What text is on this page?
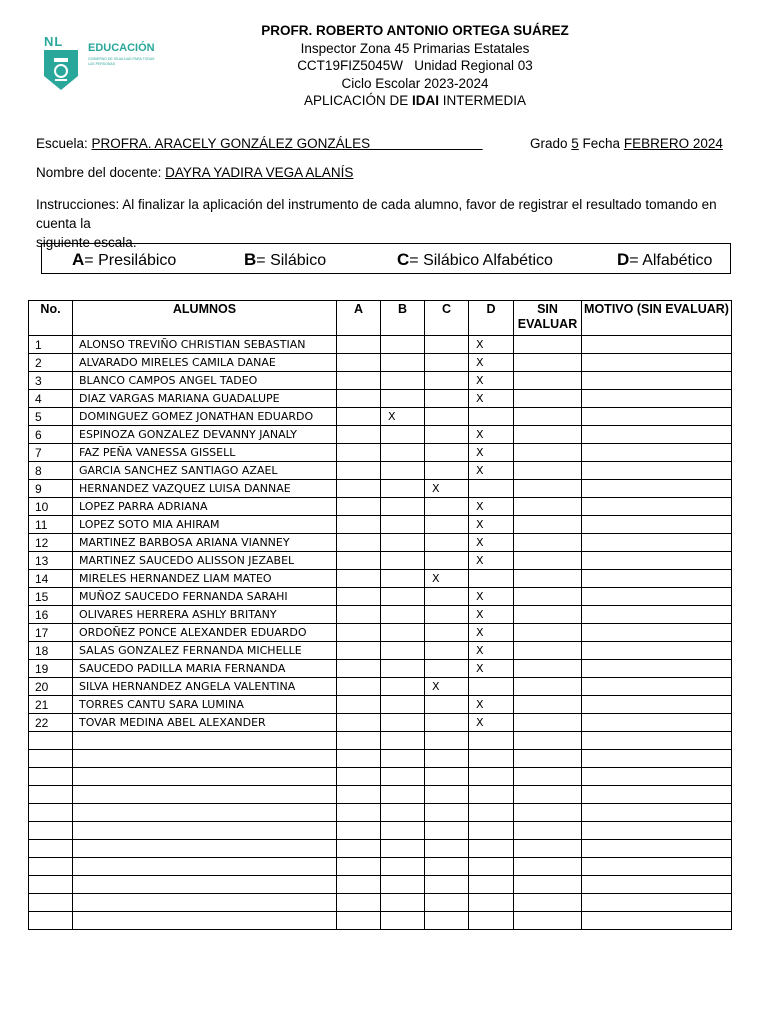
NL EDUCACIÓN
GOBIERNO DE IGUALDAD PARA TODAS LAS PERSONAS
PROFR. ROBERTO ANTONIO ORTEGA SUÁREZ
Inspector Zona 45 Primarias Estatales
CCT19FIZ5045W   Unidad Regional 03
Ciclo Escolar 2023-2024
APLICACIÓN DE IDAI INTERMEDIA
Escuela: PROFRA. ARACELY GONZÁLEZ GONZÁLES	Grado 5 Fecha FEBRERO 2024
Nombre del docente: DAYRA YADIRA VEGA ALANÍS
Instrucciones: Al finalizar la aplicación del instrumento de cada alumno, favor de registrar el resultado tomando en cuenta la
siguiente escala.
A= Presilábico	B= Silábico	C= Silábico Alfabético	D= Alfabético
No.	ALUMNOS	A	B	C	D	SIN EVALUAR	MOTIVO (SIN EVALUAR)
1	ALONSO TREVIÑO CHRISTIAN SEBASTIAN				X		
2	ALVARADO MIRELES CAMILA DANAE				X		
3	BLANCO CAMPOS ANGEL TADEO				X		
4	DIAZ VARGAS MARIANA GUADALUPE				X		
5	DOMINGUEZ GOMEZ JONATHAN EDUARDO		X				
6	ESPINOZA GONZALEZ DEVANNY JANALY				X		
7	FAZ PEÑA VANESSA GISSELL				X		
8	GARCIA SANCHEZ SANTIAGO AZAEL				X		
9	HERNANDEZ VAZQUEZ LUISA DANNAE			X			
10	LOPEZ PARRA ADRIANA				X		
11	LOPEZ SOTO MIA AHIRAM				X		
12	MARTINEZ BARBOSA ARIANA VIANNEY				X		
13	MARTINEZ SAUCEDO ALISSON JEZABEL				X		
14	MIRELES HERNANDEZ LIAM MATEO			X			
15	MUÑOZ SAUCEDO FERNANDA SARAHI				X		
16	OLIVARES HERRERA ASHLY BRITANY				X		
17	ORDOÑEZ PONCE ALEXANDER EDUARDO				X		
18	SALAS GONZALEZ FERNANDA MICHELLE				X		
19	SAUCEDO PADILLA MARIA FERNANDA				X		
20	SILVA HERNANDEZ ANGELA VALENTINA			X			
21	TORRES CANTU SARA LUMINA				X		
22	TOVAR MEDINA ABEL ALEXANDER				X		
